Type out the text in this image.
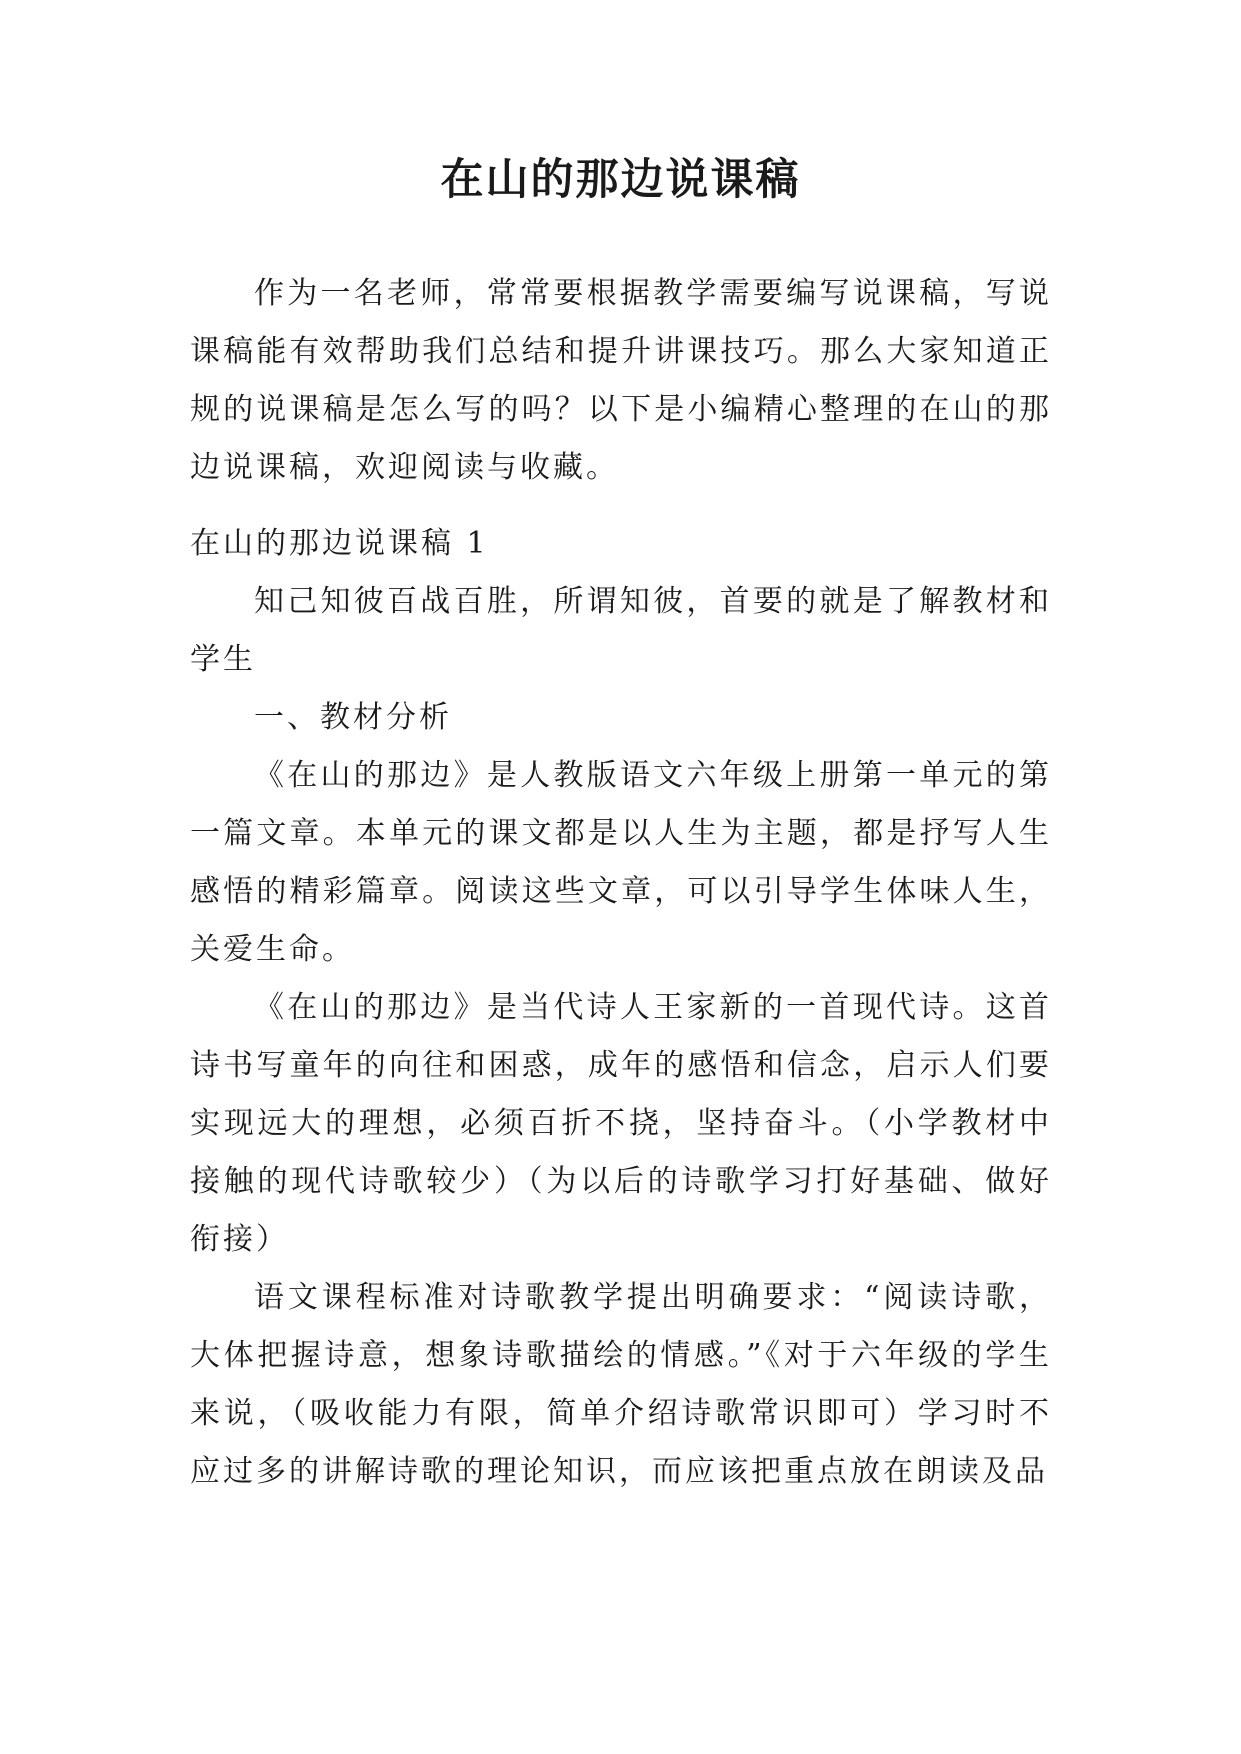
在山的那边说课稿

作为一名老师，常常要根据教学需要编写说课稿，写说课稿能有效帮助我们总结和提升讲课技巧。那么大家知道正规的说课稿是怎么写的吗？以下是小编精心整理的在山的那边说课稿，欢迎阅读与收藏。

在山的那边说课稿 1

知己知彼百战百胜，所谓知彼，首要的就是了解教材和学生

一、教材分析

《在山的那边》是人教版语文六年级上册第一单元的第一篇文章。本单元的课文都是以人生为主题，都是抒写人生感悟的精彩篇章。阅读这些文章，可以引导学生体味人生，关爱生命。

《在山的那边》是当代诗人王家新的一首现代诗。这首诗书写童年的向往和困惑，成年的感悟和信念，启示人们要实现远大的理想，必须百折不挠，坚持奋斗。（小学教材中接触的现代诗歌较少）（为以后的诗歌学习打好基础、做好衔接）

语文课程标准对诗歌教学提出明确要求：“阅读诗歌，大体把握诗意，想象诗歌描绘的情感。”《对于六年级的学生来说，（吸收能力有限，简单介绍诗歌常识即可）学习时不应过多的讲解诗歌的理论知识，而应该把重点放在朗读及品
